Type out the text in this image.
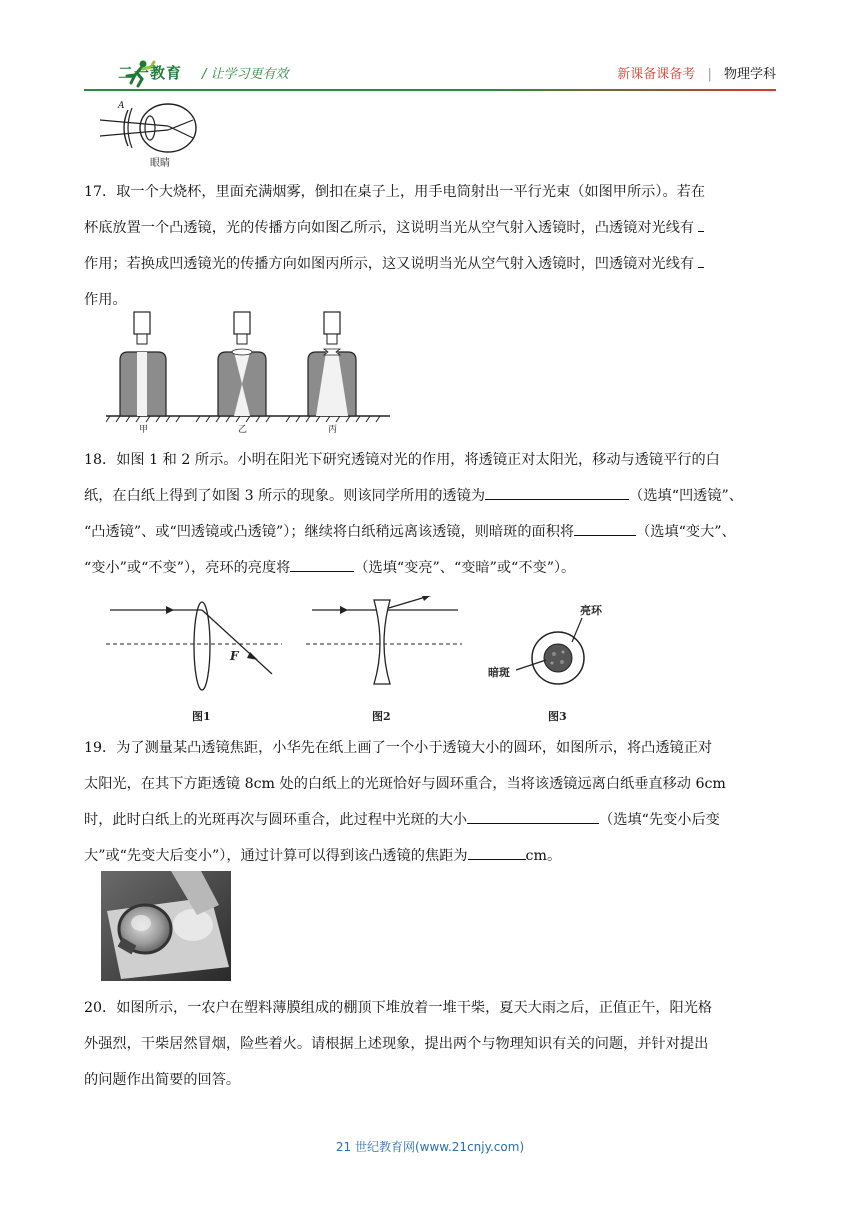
二一教育 / 让学习更有效	新课备课备考 | 物理学科
A
眼睛
17．取一个大烧杯，里面充满烟雾，倒扣在桌子上，用手电筒射出一平行光束（如图甲所示）。若在
杯底放置一个凸透镜，光的传播方向如图乙所示，这说明当光从空气射入透镜时，凸透镜对光线有
作用；若换成凹透镜光的传播方向如图丙所示，这又说明当光从空气射入透镜时，凹透镜对光线有
作用。
甲	乙	丙
18．如图 1 和 2 所示。小明在阳光下研究透镜对光的作用，将透镜正对太阳光，移动与透镜平行的白
纸，在白纸上得到了如图 3 所示的现象。则该同学所用的透镜为	（选填“凹透镜”、
“凸透镜”、或“凹透镜或凸透镜”）；继续将白纸稍远离该透镜，则暗斑的面积将	（选填“变大”、
“变小”或“不变”），亮环的亮度将	（选填“变亮”、“变暗”或“不变”）。
F
图1	图2
亮环
暗斑
图3
19．为了测量某凸透镜焦距，小华先在纸上画了一个小于透镜大小的圆环，如图所示，将凸透镜正对
太阳光，在其下方距透镜 8cm 处的白纸上的光斑恰好与圆环重合，当将该透镜远离白纸垂直移动 6cm
时，此时白纸上的光斑再次与圆环重合，此过程中光斑的大小	（选填“先变小后变
大”或“先变大后变小”），通过计算可以得到该凸透镜的焦距为	cm。
20．如图所示，一农户在塑料薄膜组成的棚顶下堆放着一堆干柴，夏天大雨之后，正值正午，阳光格
外强烈，干柴居然冒烟，险些着火。请根据上述现象，提出两个与物理知识有关的问题，并针对提出
的问题作出简要的回答。
21 世纪教育网(www.21cnjy.com)
